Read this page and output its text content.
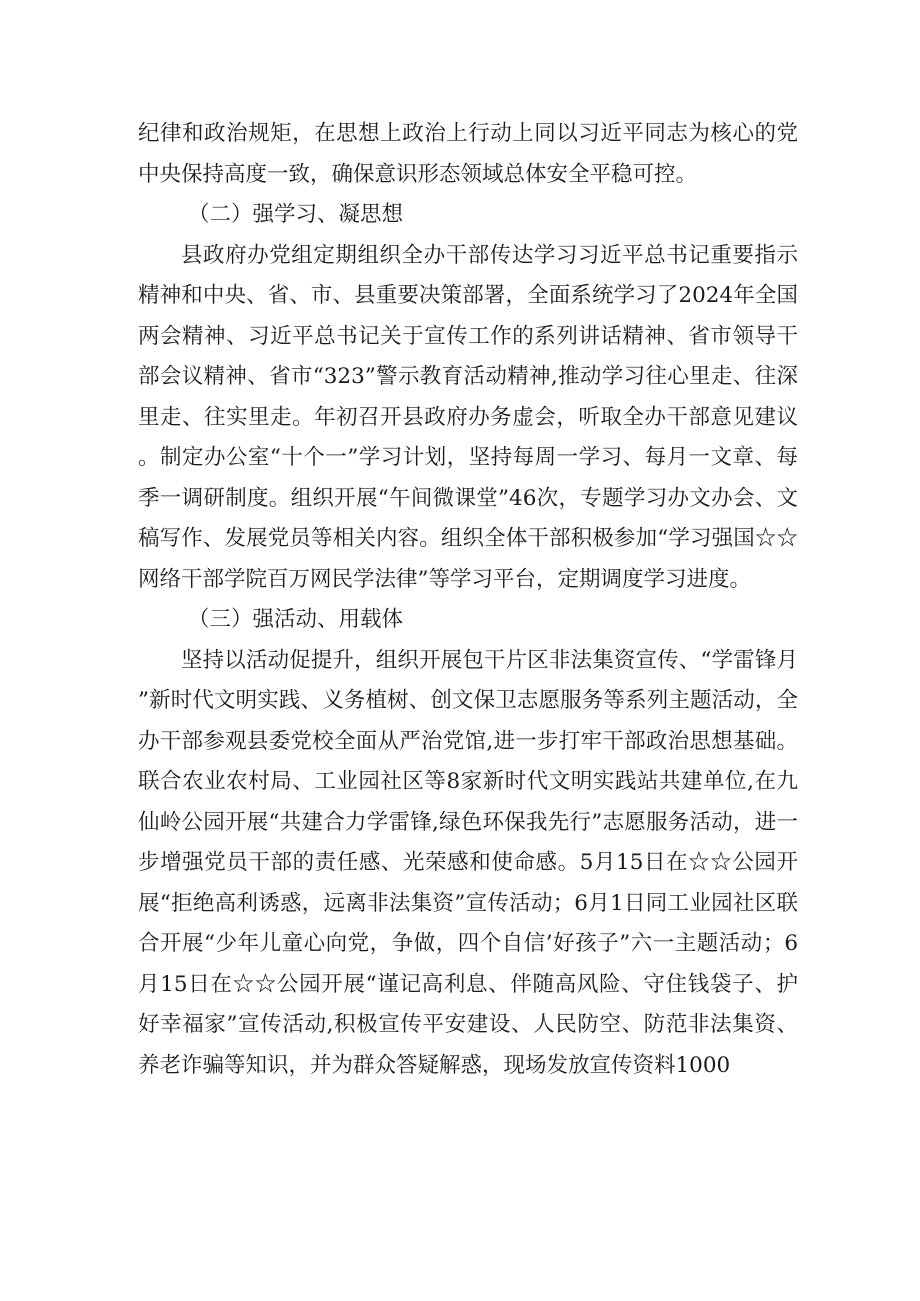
纪律和政治规矩，在思想上政治上行动上同以习近平同志为核心的党中央保持高度一致，确保意识形态领域总体安全平稳可控。

（二）强学习、凝思想

县政府办党组定期组织全办干部传达学习习近平总书记重要指示精神和中央、省、市、县重要决策部署，全面系统学习了2024年全国两会精神、习近平总书记关于宣传工作的系列讲话精神、省市领导干部会议精神、省市“323”警示教育活动精神,推动学习往心里走、往深里走、往实里走。年初召开县政府办务虚会，听取全办干部意见建议。制定办公室“十个一”学习计划，坚持每周一学习、每月一文章、每季一调研制度。组织开展“午间微课堂”46次，专题学习办文办会、文稿写作、发展党员等相关内容。组织全体干部积极参加“学习强国☆☆网络干部学院百万网民学法律”等学习平台，定期调度学习进度。

（三）强活动、用载体

坚持以活动促提升，组织开展包干片区非法集资宣传、“学雷锋月”新时代文明实践、义务植树、创文保卫志愿服务等系列主题活动，全办干部参观县委党校全面从严治党馆,进一步打牢干部政治思想基础。联合农业农村局、工业园社区等8家新时代文明实践站共建单位,在九仙岭公园开展“共建合力学雷锋,绿色环保我先行”志愿服务活动，进一步增强党员干部的责任感、光荣感和使命感。5月15日在☆☆公园开展“拒绝高利诱惑，远离非法集资”宣传活动；6月1日同工业园社区联合开展“少年儿童心向党，争做，四个自信’好孩子”六一主题活动；6月15日在☆☆公园开展“谨记高利息、伴随高风险、守住钱袋子、护好幸福家”宣传活动,积极宣传平安建设、人民防空、防范非法集资、养老诈骗等知识，并为群众答疑解惑，现场发放宣传资料1000
